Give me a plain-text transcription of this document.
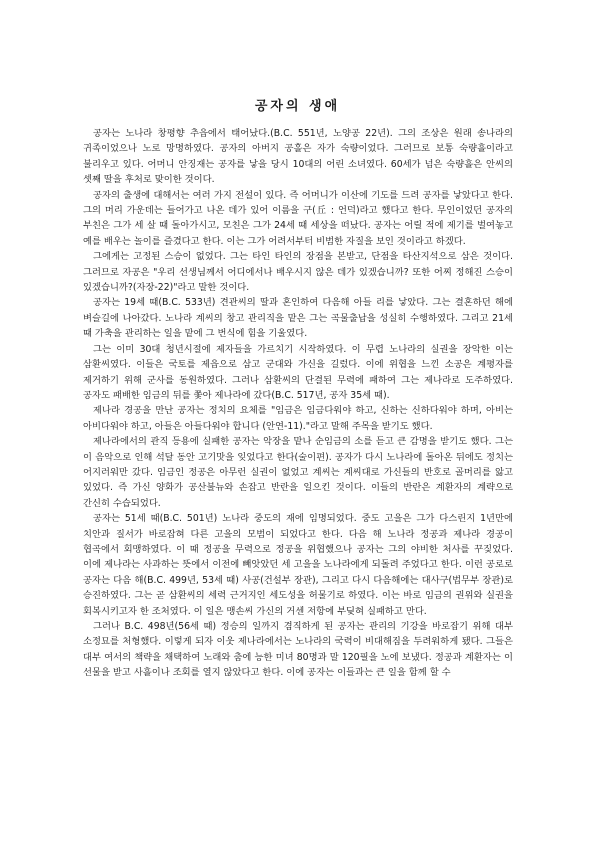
공자의 생애

공자는 노나라 창평향 추읍에서 태어났다.(B.C. 551년, 노양공 22년). 그의 조상은 원래 송나라의 귀족이었으나 노로 망명하였다. 공자의 아버지 공홀은 자가 숙량이었다. 그러므로 보통 숙량흘이라고 불리우고 있다. 어머니 안징재는 공자를 낳을 당시 10대의 어린 소녀였다. 60세가 넘은 숙량흘은 안씨의 셋째 딸을 후처로 맞이한 것이다.

공자의 출생에 대해서는 여러 가지 전설이 있다. 즉 어머니가 이산에 기도를 드려 공자를 낳았다고 한다. 그의 머리 가운데는 들어가고 나온 데가 있어 이름을 구(丘 : 언덕)라고 했다고 한다. 무인이었던 공자의 부친은 그가 세 살 때 돌아가시고, 모친은 그가 24세 때 세상을 떠났다. 공자는 어릴 적에 제기를 벌여놓고 예를 배우는 놀이를 즐겼다고 한다. 이는 그가 어려서부터 비범한 자질을 보인 것이라고 하겠다.

그에게는 고정된 스승이 없었다. 그는 타인 타인의 장점을 본받고, 단점을 타산지석으로 삼은 것이다. 그러므로 자공은 "우리 선생님께서 어디에서나 배우시지 않은 데가 있겠습니까? 또한 어찌 정해진 스승이 있겠습니까?(자장-22)"라고 말한 것이다.

공자는 19세 때(B.C. 533년) 견관씨의 딸과 혼인하여 다음해 아들 리를 낳았다. 그는 결혼하던 해에 벼슬길에 나아갔다. 노나라 계씨의 창고 관리직을 맡은 그는 곡물출납을 성실히 수행하였다. 그리고 21세 때 가축을 관리하는 일을 맡에 그 번식에 힘을 기울였다.

그는 이미 30대 청년시절에 제자들을 가르치기 시작하였다. 이 무렵 노나라의 실권을 장악한 이는 삼환씨였다. 이들은 국토를 제읍으로 삼고 군대와 가신을 길렀다. 이에 위협을 느낀 소공은 계평자를 제거하기 위해 군사를 동원하였다. 그러나 삼환씨의 단결된 무력에 패하여 그는 제나라로 도주하였다. 공자도 패배한 임금의 뒤를 쫓아 제나라에 갔다(B.C. 517년, 공자 35세 때).

제나라 경공을 만난 공자는 정치의 요체를 "임금은 임금다워야 하고, 신하는 신하다워야 하며, 아비는 아비다워야 하고, 아들은 아들다워야 합니다 (안연-11)."라고 말해 주목을 받기도 했다.

제나라에서의 관직 등용에 실패한 공자는 악장을 맡나 순임금의 소를 듣고 큰 감명을 받기도 했다. 그는 이 음악으로 인해 석달 동안 고기맛을 잊었다고 한다(술이편). 공자가 다시 노나라에 돌아온 뒤에도 정치는 어지러워만 갔다. 임금인 정공은 아무런 실권이 없었고 계씨는 계씨대로 가신들의 반호로 골머리를 앓고 있었다. 즉 가신 양화가 공산불뉴와 손잡고 반란을 일으킨 것이다. 이들의 반란은 계환자의 계략으로 간신히 수습되었다.

공자는 51세 때(B.C. 501년) 노나라 중도의 재에 임명되었다. 중도 고을은 그가 다스린지 1년만에 치안과 질서가 바로잡혀 다른 고을의 모범이 되었다고 한다. 다음 해 노나라 정공과 제나라 경공이 협곡에서 회맹하였다. 이 때 정공을 무력으로 정공을 위협했으나 공자는 그의 야비한 처사를 꾸짖었다. 이에 제나라는 사과하는 뜻에서 이전에 빼앗았던 세 고을을 노나라에게 되돌려 주었다고 한다. 이런 공로로 공자는 다음 해(B.C. 499년, 53세 때) 사공(건설부 장관), 그리고 다시 다음해에는 대사구(법무부 장관)로 승진하였다. 그는 곧 삼환씨의 세력 근거지인 세도성을 허물기로 하였다. 이는 바로 임금의 권위와 실권을 회복시키고자 한 조처였다. 이 일은 맹손씨 가신의 거센 저항에 부딪혀 실패하고 만다.

그러나 B.C. 498년(56세 때) 정승의 일까지 겸직하게 된 공자는 관리의 기강을 바로잡기 위해 대부 소정묘를 처형했다. 이렇게 되자 이웃 제나라에서는 노나라의 국력이 비대해짐을 두려워하게 됐다. 그들은 대부 여서의 책략을 채택하여 노래와 춤에 능한 미녀 80명과 말 120필을 노에 보냈다. 정공과 계환자는 이 선물을 받고 사흘이나 조회를 열지 않았다고 한다. 이에 공자는 이들과는 큰 일을 함께 할 수
